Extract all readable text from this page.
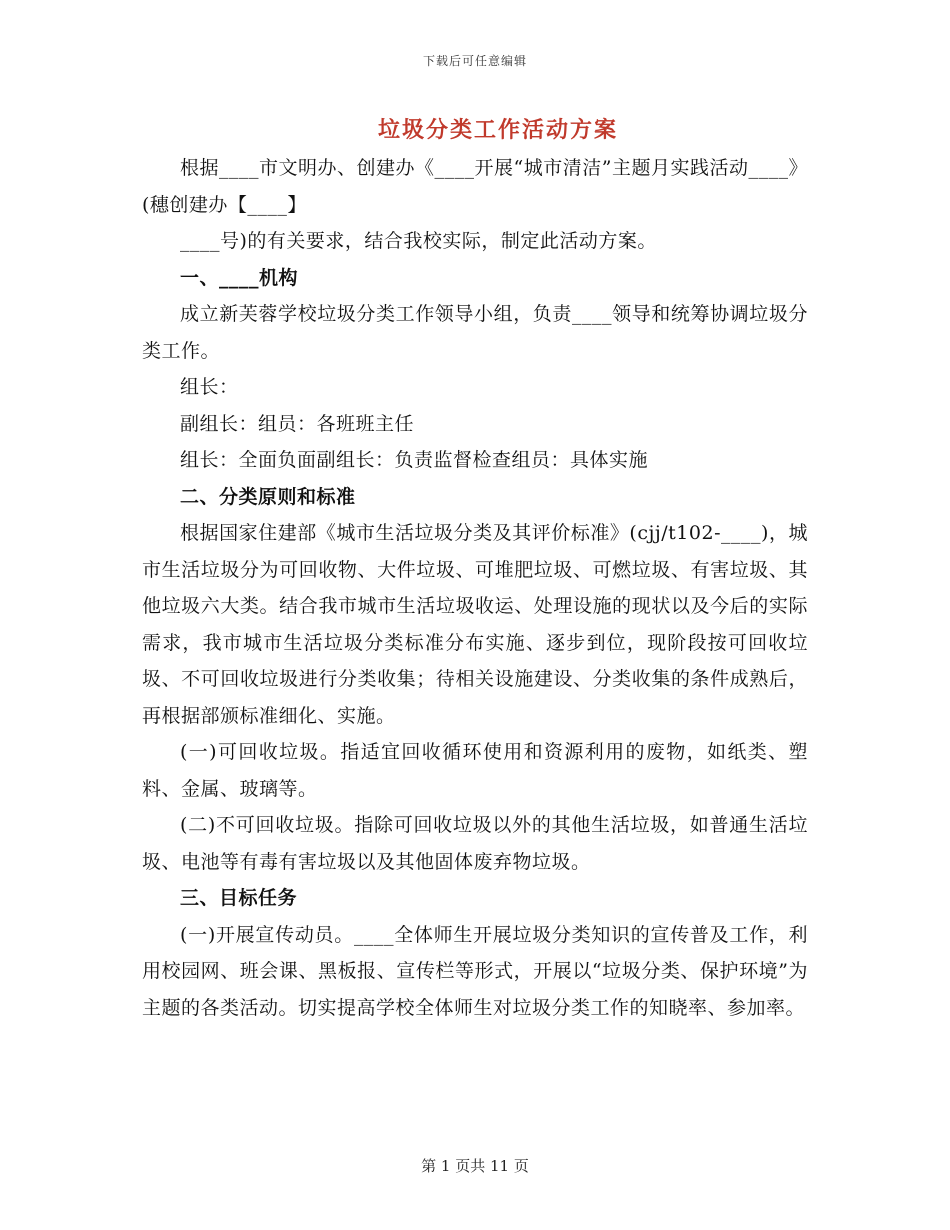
下载后可任意编辑
垃圾分类工作活动方案

根据____市文明办、创建办《____开展“城市清洁”主题月实践活动____》(穗创建办【____】

____号)的有关要求，结合我校实际，制定此活动方案。

一、____机构

成立新芙蓉学校垃圾分类工作领导小组，负责____领导和统筹协调垃圾分类工作。

组长：

副组长：组员：各班班主任

组长：全面负面副组长：负责监督检查组员：具体实施

二、分类原则和标准

根据国家住建部《城市生活垃圾分类及其评价标准》(cjj/t102-____)，城市生活垃圾分为可回收物、大件垃圾、可堆肥垃圾、可燃垃圾、有害垃圾、其他垃圾六大类。结合我市城市生活垃圾收运、处理设施的现状以及今后的实际需求，我市城市生活垃圾分类标准分布实施、逐步到位，现阶段按可回收垃圾、不可回收垃圾进行分类收集；待相关设施建设、分类收集的条件成熟后，再根据部颁标准细化、实施。

(一)可回收垃圾。指适宜回收循环使用和资源利用的废物，如纸类、塑料、金属、玻璃等。

(二)不可回收垃圾。指除可回收垃圾以外的其他生活垃圾，如普通生活垃圾、电池等有毒有害垃圾以及其他固体废弃物垃圾。

三、目标任务

(一)开展宣传动员。____全体师生开展垃圾分类知识的宣传普及工作，利用校园网、班会课、黑板报、宣传栏等形式，开展以“垃圾分类、保护环境”为主题的各类活动。切实提高学校全体师生对垃圾分类工作的知晓率、参加率。

第 1 页共 11 页
